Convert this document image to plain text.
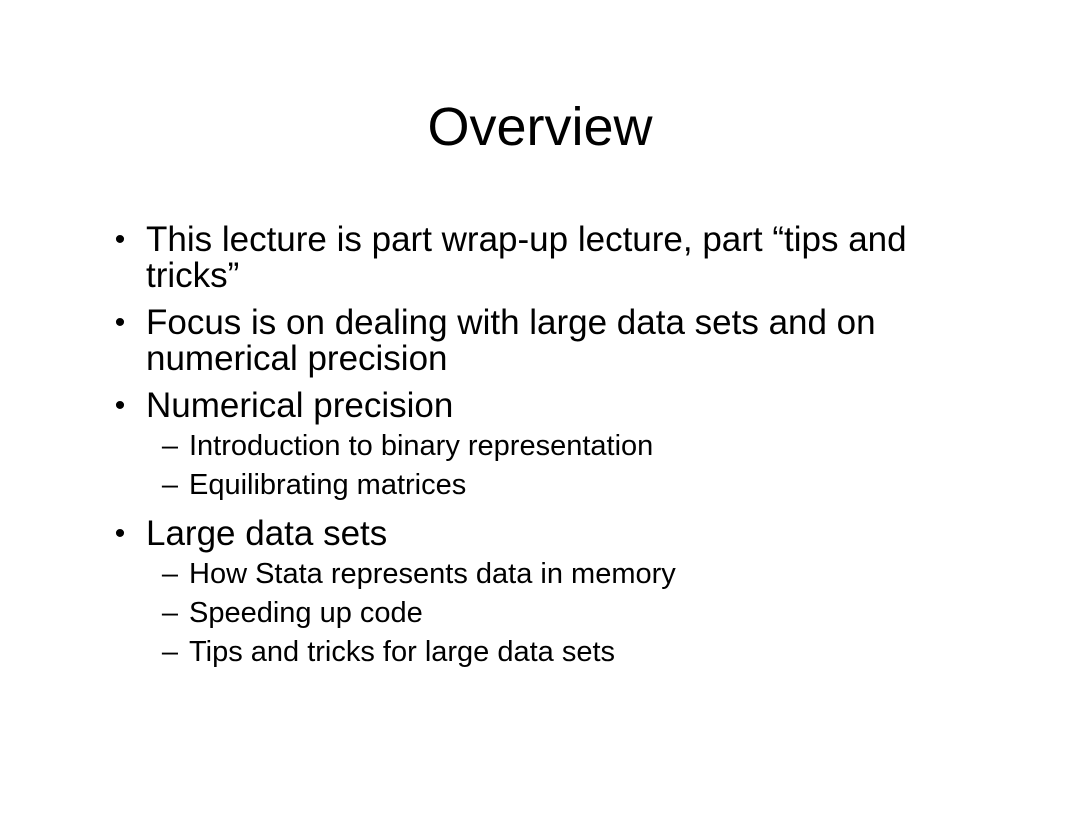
Overview
• This lecture is part wrap-up lecture, part “tips and tricks”
• Focus is on dealing with large data sets and on numerical precision
• Numerical precision
– Introduction to binary representation
– Equilibrating matrices
• Large data sets
– How Stata represents data in memory
– Speeding up code
– Tips and tricks for large data sets
